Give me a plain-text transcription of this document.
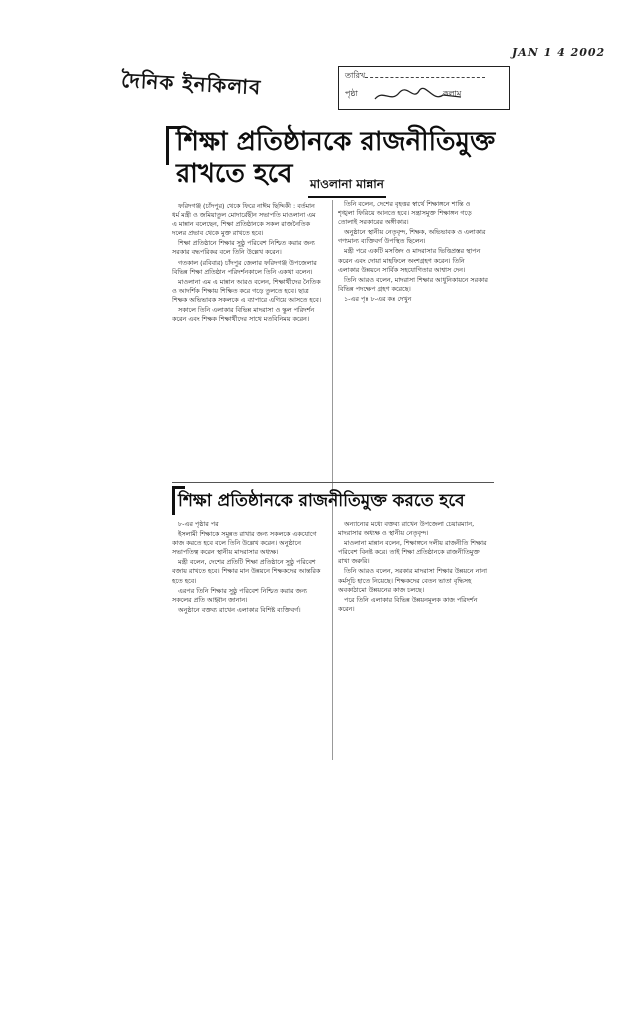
JAN 1 4 2002
দৈনিক ইনকিলাব	তারিখ
পৃষ্ঠা	কলাম
শিক্ষা প্রতিষ্ঠানকে রাজনীতিমুক্ত রাখতে হবে	মাওলানা মান্নান

ফরিদগঞ্জ (চাঁদপুর) থেকে ফিরে নাঈম ছিদ্দিকী : বর্তমান ধর্ম মন্ত্রী ও জমিয়াতুল মোদার্রেছীন সভাপতি মাওলানা এম এ মান্নান বলেছেন, শিক্ষা প্রতিষ্ঠানকে সকল রাজনৈতিক দলের প্রভাব থেকে মুক্ত রাখতে হবে।

শিক্ষা প্রতিষ্ঠানে শিক্ষার সুষ্ঠু পরিবেশ নিশ্চিত করার জন্য সরকার বদ্ধপরিকর বলে তিনি উল্লেখ করেন।

গতকাল (রবিবার) চাঁদপুর জেলার ফরিদগঞ্জ উপজেলার বিভিন্ন শিক্ষা প্রতিষ্ঠান পরিদর্শনকালে তিনি একথা বলেন।

মাওলানা এম এ মান্নান আরও বলেন, শিক্ষার্থীদের নৈতিক ও আদর্শিক শিক্ষায় শিক্ষিত করে গড়ে তুলতে হবে। ছাত্র শিক্ষক অভিভাবক সকলকে এ ব্যাপারে এগিয়ে আসতে হবে।

সকালে তিনি এলাকার বিভিন্ন মাদরাসা ও স্কুল পরিদর্শন করেন এবং শিক্ষক শিক্ষার্থীদের সাথে মতবিনিময় করেন।

তিনি বলেন, দেশের বৃহত্তর স্বার্থে শিক্ষাঙ্গনে শান্তি ও শৃঙ্খলা ফিরিয়ে আনতে হবে। সন্ত্রাসমুক্ত শিক্ষাঙ্গন গড়ে তোলাই সরকারের অঙ্গীকার।

অনুষ্ঠানে স্থানীয় নেতৃবৃন্দ, শিক্ষক, অভিভাবক ও এলাকার গণ্যমান্য ব্যক্তিবর্গ উপস্থিত ছিলেন।

মন্ত্রী পরে একটি মসজিদ ও মাদরাসার ভিত্তিপ্রস্তর স্থাপন করেন এবং দোয়া মাহফিলে অংশগ্রহণ করেন। তিনি এলাকার উন্নয়নে সার্বিক সহযোগিতার আশ্বাস দেন।

তিনি আরও বলেন, মাদরাসা শিক্ষার আধুনিকায়নে সরকার বিভিন্ন পদক্ষেপ গ্রহণ করেছে।

১-এর পৃঃ ৮-এর কঃ দেখুন

শিক্ষা প্রতিষ্ঠানকে রাজনীতিমুক্ত করতে হবে

৮-এর পৃষ্ঠার পর

ইসলামী শিক্ষাকে সমুন্নত রাখার জন্য সকলকে একযোগে কাজ করতে হবে বলে তিনি উল্লেখ করেন। অনুষ্ঠানে সভাপতিত্ব করেন স্থানীয় মাদরাসার অধ্যক্ষ।

মন্ত্রী বলেন, দেশের প্রতিটি শিক্ষা প্রতিষ্ঠানে সুষ্ঠু পরিবেশ বজায় রাখতে হবে। শিক্ষার মান উন্নয়নে শিক্ষকদের আন্তরিক হতে হবে।

এরপর তিনি শিক্ষার সুষ্ঠু পরিবেশ নিশ্চিত করার জন্য সকলের প্রতি আহ্বান জানান।

অনুষ্ঠানে বক্তব্য রাখেন এলাকার বিশিষ্ট ব্যক্তিবর্গ।

অন্যান্যের মধ্যে বক্তব্য রাখেন উপজেলা চেয়ারম্যান, মাদরাসার অধ্যক্ষ ও স্থানীয় নেতৃবৃন্দ।

মাওলানা মান্নান বলেন, শিক্ষাঙ্গনে দলীয় রাজনীতি শিক্ষার পরিবেশ বিনষ্ট করে। তাই শিক্ষা প্রতিষ্ঠানকে রাজনীতিমুক্ত রাখা জরুরি।

তিনি আরও বলেন, সরকার মাদরাসা শিক্ষার উন্নয়নে নানা কর্মসূচি হাতে নিয়েছে। শিক্ষকদের বেতন ভাতা বৃদ্ধিসহ অবকাঠামো উন্নয়নের কাজ চলছে।

পরে তিনি এলাকার বিভিন্ন উন্নয়নমূলক কাজ পরিদর্শন করেন।
